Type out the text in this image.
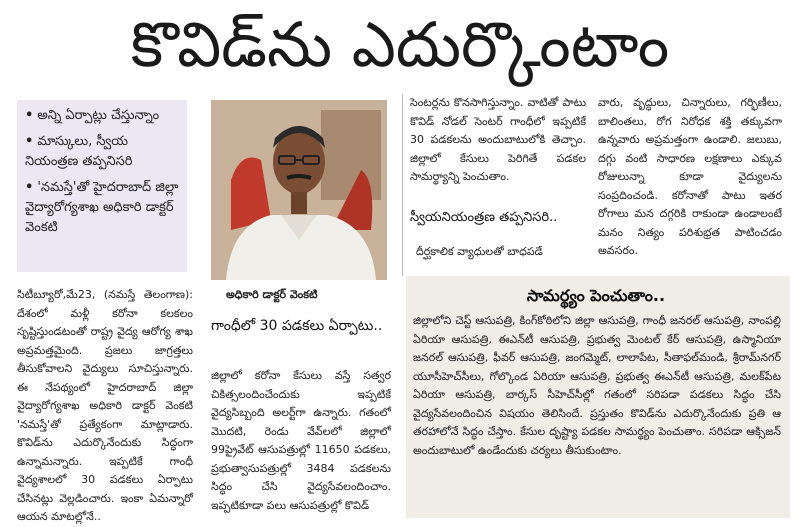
కొవిడ్‌ను ఎదుర్కొంటాం
• అన్ని ఏర్పాట్లు చేస్తున్నాం
• మాస్కులు, స్వీయ నియంత్రణ తప్పనిసరి
• 'నమస్తే'తో హైదరాబాద్ జిల్లా వైద్యారోగ్యశాఖ అధికారి డాక్టర్ వెంకటి
అధికారి డాక్టర్ వెంకటి
గాంధీలో 30 పడకలు ఏర్పాటు..
సిటీబ్యూరో,మే23, (నమస్తే తెలంగాణ): దేశంలో మళ్లీ కరోనా కలకలం సృష్టిస్తుండటంతో రాష్ట్ర వైద్య ఆరోగ్య శాఖ అప్రమత్తమైంది. ప్రజలు జాగ్రత్తలు తీసుకోవాలని వైద్యులు సూచిస్తున్నారు. ఈ నేపథ్యంలో హైదరాబాద్ జిల్లా వైద్యారోగ్యశాఖ అధికారి డాక్టర్ వెంకటి 'నమస్తే'తో ప్రత్యేకంగా మాట్లాడారు. కొవిడ్‌ను ఎదుర్కొనేందుకు సిద్ధంగా ఉన్నామన్నారు. ఇప్పటికే గాంధీ వైద్యశాలలో 30 పడకలు ఏర్పాటు చేసినట్లు వెల్లడించారు. ఇంకా ఏమన్నారో ఆయన మాటల్లోనే..
జిల్లాలో కరోనా కేసులు వస్తే సత్వర చికిత్సలందించేందుకు ఇప్పటికే వైద్యసిబ్బంది అలర్ట్‌గా ఉన్నారు. గతంలో మొదటి, రెండు వేవ్‌లలో జిల్లాలో 99ప్రైవేట్ ఆసుపత్రుల్లో 11650 పడకలు, ప్రభుత్వాసుపత్రుల్లో 3484 పడకలను సిద్ధం చేసి వైద్యసేవలందించాం. ఇప్పటికూడా పలు ఆసుపత్రుల్లో కొవిడ్
సెంటర్లను కొనసాగిస్తున్నాం. వాటితో పాటు కొవిడ్ నోడల్ సెంటర్ గాంధీలో ఇప్పటికే 30 పడకలను అందుబాటులోకి తెచ్చాం. జిల్లాలో కేసులు పెరిగితే పడకల సామర్థ్యాన్ని పెంచుతాం.
స్వీయనియంత్రణ తప్పనిసరి..
దీర్ఘకాలిక వ్యాధులతో బాధపడే
వారు, వృద్ధులు, చిన్నారులు, గర్భిణీలు, బాలింతలు, రోగ నిరోధక శక్తి తక్కువగా ఉన్నవారు అప్రమత్తంగా ఉండాలి. జలుబు, దగ్గు వంటి సాధారణ లక్షణాలు ఎక్కువ రోజులున్నా కూడా వైద్యులను సంప్రదించండి. కరోనాతో పాటు ఇతర రోగాలు మన దగ్గరికి రాకుండా ఉండాలంటే మనం నిత్యం పరిశుభ్రత పాటించడం అవసరం.
సామర్థ్యం పెంచుతాం..
జిల్లాలోని చెస్ట్ ఆసుపత్రి, కింగ్‌కోఠిలోని జిల్లా ఆసుపత్రి, గాంధీ జనరల్ ఆసుపత్రి, నాంపల్లి ఏరియా ఆసుపత్రి, ఈఎన్‌టీ ఆసుపత్రి, ప్రభుత్వ మెంటల్ కేర్ ఆసుపత్రి, ఉస్మానియా జనరల్ ఆసుపత్రి, ఫీవర్ ఆసుపత్రి, జంగమ్మెట్, లాలాపేట, సీతాఫల్‌మండి, శ్రీరామ్‌నగర్ యూసీహెచ్‌సీలు, గోల్కొండ ఏరియా ఆసుపత్రి, ప్రభుత్వ ఈఎన్‌టీ ఆసుపత్రి, మలక్‌పేట ఏరియా ఆసుపత్రి, బార్కస్ సీహెచ్‌సీల్లో గతంలో సరిపడా పడకలు సిద్ధం చేసి వైద్యసేవలందించిన విషయం తెలిసిందే. ప్రస్తుతం కొవిడ్‌ను ఎదుర్కొనేందుకు ప్రతి ఆ తరహాలోనే సిద్ధం చేస్తాం. కేసుల దృష్ట్యా పడకల సామర్థ్యం పెంచుతాం. సరిపడా ఆక్సిజన్ అందుబాటులో ఉండేందుకు చర్యలు తీసుకుంటాం.
